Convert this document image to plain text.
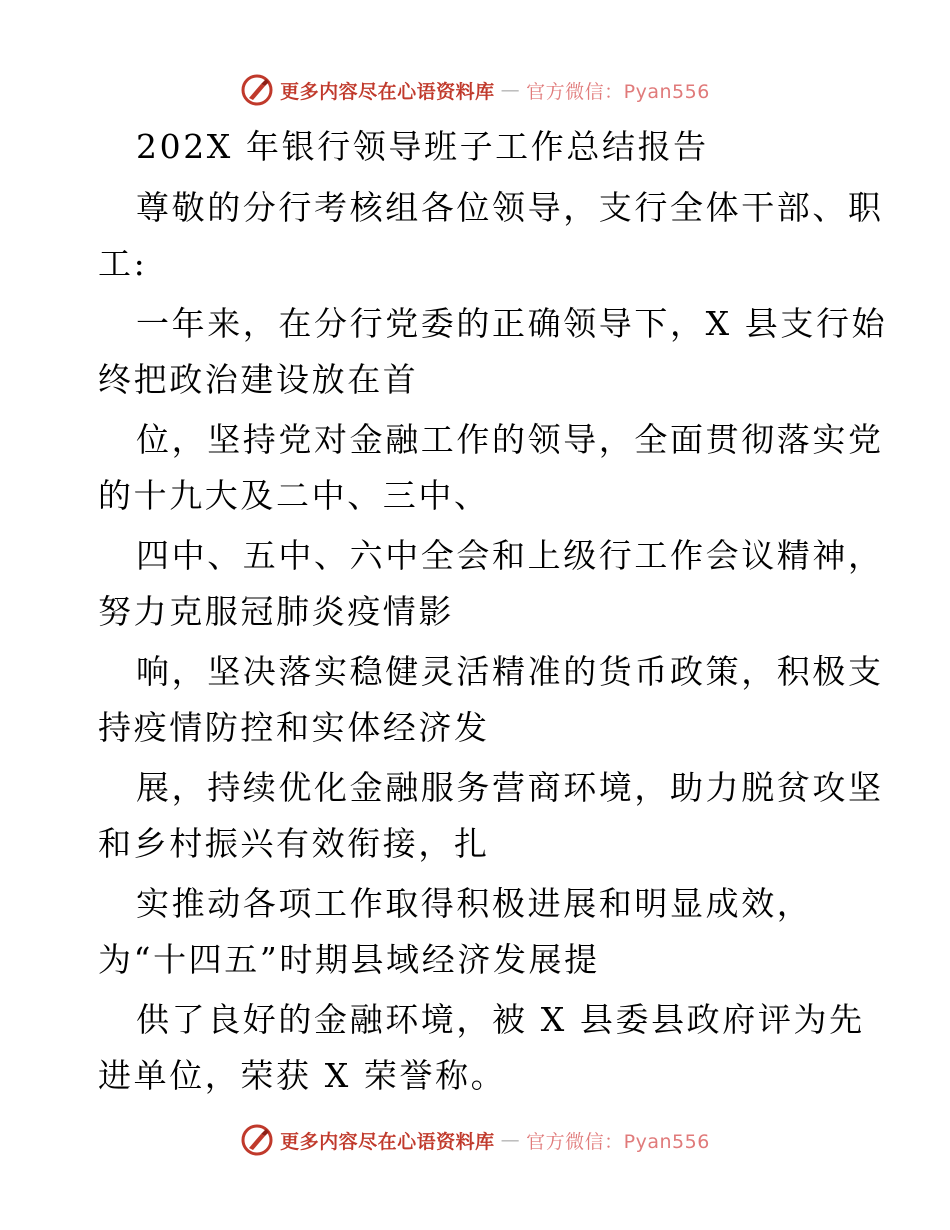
更多内容尽在心语资料库 — 官方微信：Pyan556
202X 年银行领导班子工作总结报告
尊敬的分行考核组各位领导，支行全体干部、职
工:
一年来，在分行党委的正确领导下，X 县支行始
终把政治建设放在首
位，坚持党对金融工作的领导，全面贯彻落实党
的十九大及二中、三中、
四中、五中、六中全会和上级行工作会议精神，
努力克服冠肺炎疫情影
响，坚决落实稳健灵活精准的货币政策，积极支
持疫情防控和实体经济发
展，持续优化金融服务营商环境，助力脱贫攻坚
和乡村振兴有效衔接，扎
实推动各项工作取得积极进展和明显成效，
为“十四五”时期县域经济发展提
供了良好的金融环境，被 X 县委县政府评为先
进单位，荣获 X 荣誉称。
更多内容尽在心语资料库 — 官方微信：Pyan556
